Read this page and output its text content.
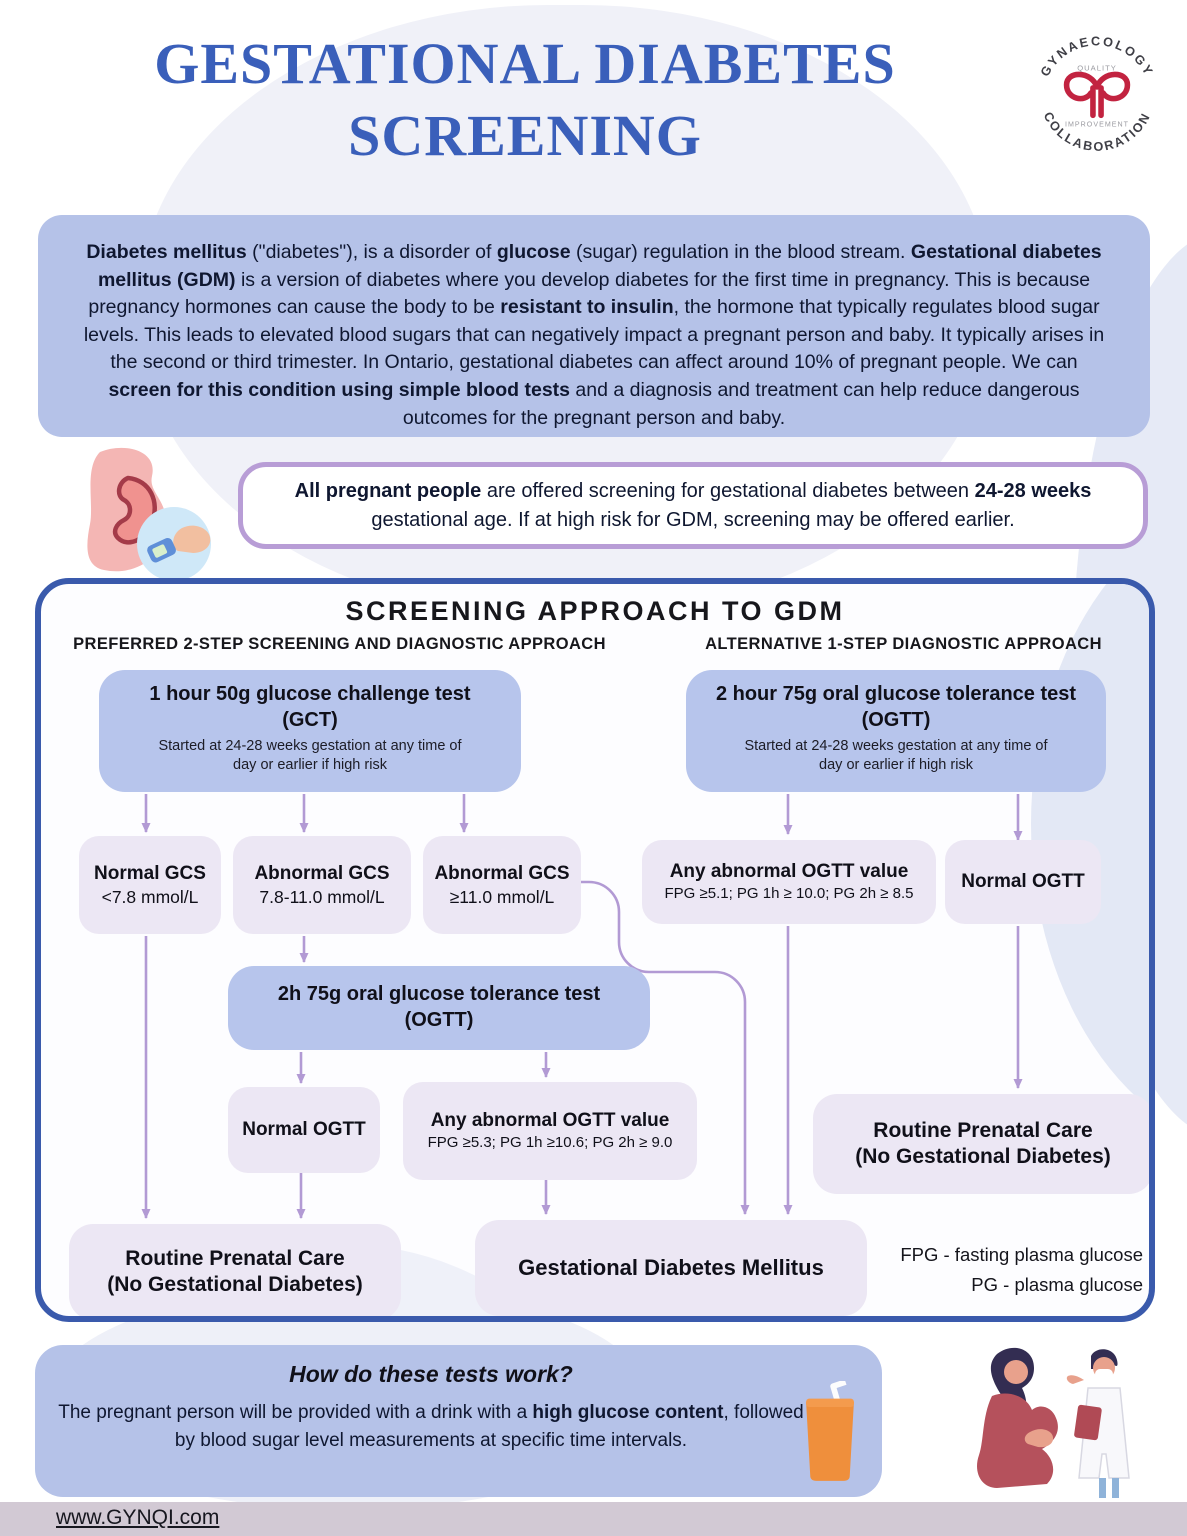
GESTATIONAL DIABETES
SCREENING
GYNAECOLOGY
COLLABORATION
QUALITY
IMPROVEMENT
Diabetes mellitus ("diabetes"), is a disorder of glucose (sugar) regulation in the blood stream. Gestational diabetes mellitus (GDM) is a version of diabetes where you develop diabetes for the first time in pregnancy. This is because pregnancy hormones can cause the body to be resistant to insulin, the hormone that typically regulates blood sugar levels. This leads to elevated blood sugars that can negatively impact a pregnant person and baby. It typically arises in the second or third trimester. In Ontario, gestational diabetes can affect around 10% of pregnant people. We can screen for this condition using simple blood tests and a diagnosis and treatment can help reduce dangerous outcomes for the pregnant person and baby.
All pregnant people are offered screening for gestational diabetes between 24-28 weeks gestational age. If at high risk for GDM, screening may be offered earlier.
SCREENING APPROACH TO GDM
PREFERRED 2-STEP SCREENING AND DIAGNOSTIC APPROACH	ALTERNATIVE 1-STEP DIAGNOSTIC APPROACH
1 hour 50g glucose challenge test
(GCT)
Started at 24-28 weeks gestation at any time of day or earlier if high risk
2 hour 75g oral glucose tolerance test
(OGTT)
Started at 24-28 weeks gestation at any time of day or earlier if high risk
Normal GCS
<7.8 mmol/L
Abnormal GCS
7.8-11.0 mmol/L
Abnormal GCS
≥11.0 mmol/L
Any abnormal OGTT value
FPG ≥5.1; PG 1h ≥ 10.0; PG 2h ≥ 8.5
Normal OGTT
2h 75g oral glucose tolerance test
(OGTT)
Normal OGTT	Any abnormal OGTT value
FPG ≥5.3; PG 1h ≥10.6; PG 2h ≥ 9.0
Routine Prenatal Care
(No Gestational Diabetes)
Routine Prenatal Care
(No Gestational Diabetes)
Gestational Diabetes Mellitus
FPG - fasting plasma glucose
PG - plasma glucose
How do these tests work?
The pregnant person will be provided with a drink with a high glucose content, followed by blood sugar level measurements at specific time intervals.
www.GYNQI.com
